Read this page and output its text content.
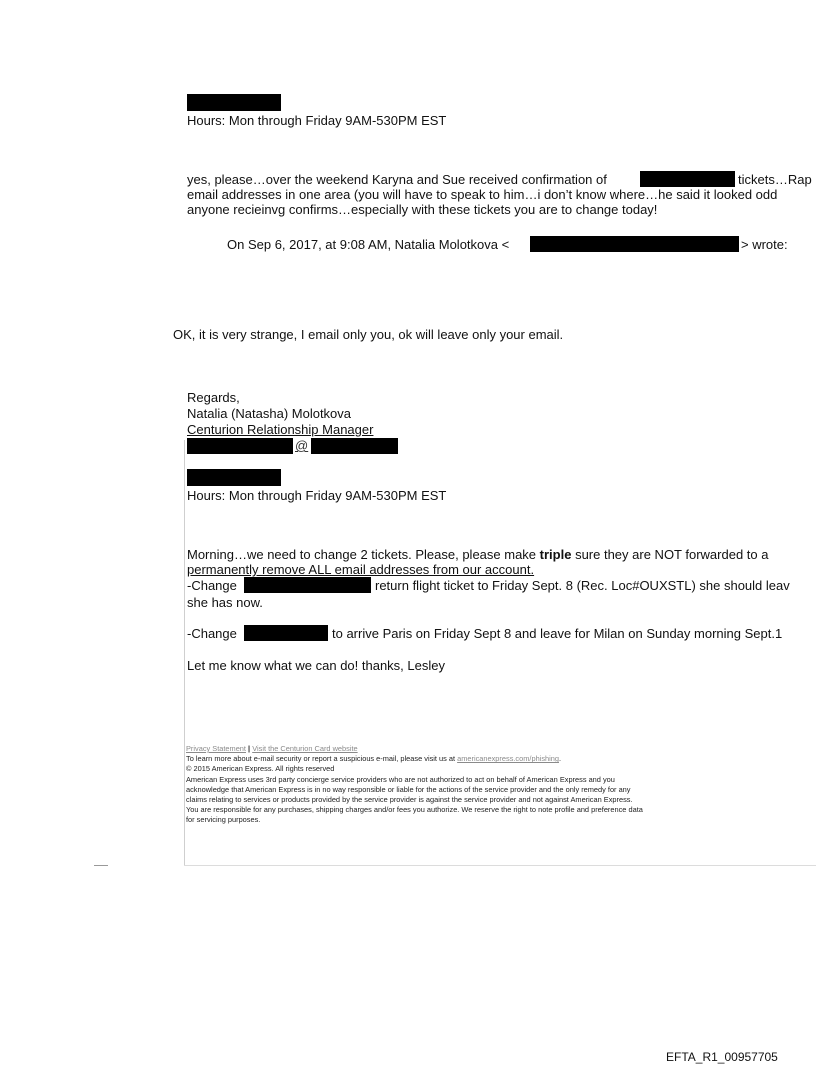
Hours: Mon through Friday 9AM-530PM EST
yes, please…over the weekend Karyna and Sue received confirmation of	tickets…Rap
email addresses in one area (you will have to speak to him…i don’t know where…he said it looked odd
anyone recieinvg confirms…especially with these tickets you are to change today!
On Sep 6, 2017, at 9:08 AM, Natalia Molotkova <	> wrote:
OK, it is very strange, I email only you, ok will leave only your email.
Regards,
Natalia (Natasha) Molotkova
Centurion Relationship Manager
@
Hours: Mon through Friday 9AM-530PM EST
Morning…we need to change 2 tickets. Please, please make triple sure they are NOT forwarded to a
permanently remove ALL email addresses from our account.
-Change	return flight ticket to Friday Sept. 8 (Rec. Loc#OUXSTL) she should leav
she has now.
-Change	to arrive Paris on Friday Sept 8 and leave for Milan on Sunday morning Sept.1
Let me know what we can do! thanks, Lesley
Privacy Statement | Visit the Centurion Card website
To learn more about e-mail security or report a suspicious e-mail, please visit us at americanexpress.com/phishing.
© 2015 American Express. All rights reserved
American Express uses 3rd party concierge service providers who are not authorized to act on behalf of American Express and you
acknowledge that American Express is in no way responsible or liable for the actions of the service provider and the only remedy for any
claims relating to services or products provided by the service provider is against the service provider and not against American Express.
You are responsible for any purchases, shipping charges and/or fees you authorize. We reserve the right to note profile and preference data
for servicing purposes.
EFTA_R1_00957705
